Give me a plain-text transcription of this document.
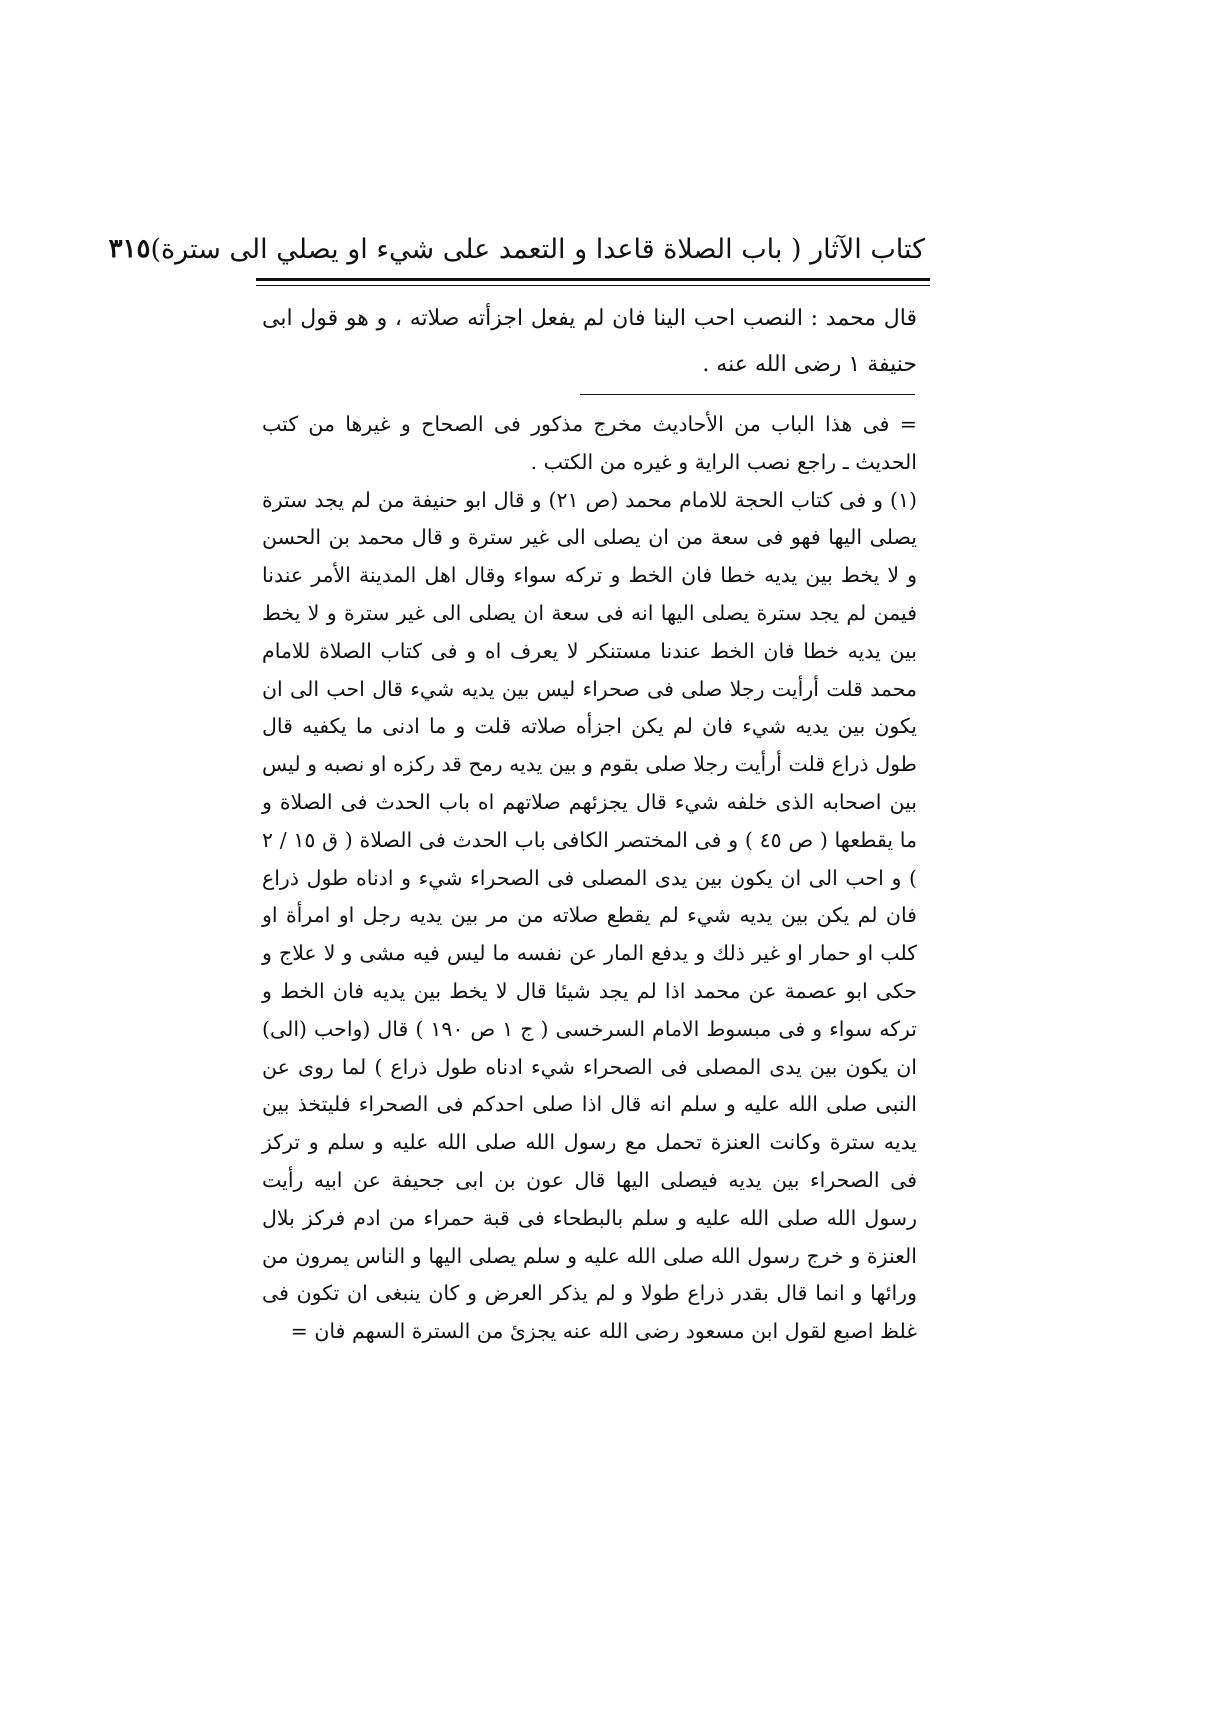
كتاب الآثار ( باب الصلاة قاعدا و التعمد على شيء او يصلي الى سترة)
٣١٥
قال محمد : النصب احب الينا فان لم يفعل اجزأته صلاته ، و هو قول ابى حنيفة ١ رضى الله عنه .

= فى هذا الباب من الأحاديث مخرج مذكور فى الصحاح و غيرها من كتب الحديث ـ راجع نصب الراية و غيره من الكتب .

(١) و فى كتاب الحجة للامام محمد (ص ٢١) و قال ابو حنيفة من لم يجد سترة يصلى اليها فهو فى سعة من ان يصلى الى غير سترة و قال محمد بن الحسن و لا يخط بين يديه خطا فان الخط و تركه سواء وقال اهل المدينة الأمر عندنا فيمن لم يجد سترة يصلى اليها انه فى سعة ان يصلى الى غير سترة و لا يخط بين يديه خطا فان الخط عندنا مستنكر لا يعرف اه و فى كتاب الصلاة للامام محمد قلت أرأيت رجلا صلى فى صحراء ليس بين يديه شيء قال احب الى ان يكون بين يديه شيء فان لم يكن اجزأه صلاته قلت و ما ادنى ما يكفيه قال طول ذراع قلت أرأيت رجلا صلى بقوم و بين يديه رمح قد ركزه او نصبه و ليس بين اصحابه الذى خلفه شيء قال يجزئهم صلاتهم اه باب الحدث فى الصلاة و ما يقطعها ( ص ٤٥ ) و فى المختصر الكافى باب الحدث فى الصلاة ( ق ١٥ / ٢ ) و احب الى ان يكون بين يدى المصلى فى الصحراء شيء و ادناه طول ذراع فان لم يكن بين يديه شيء لم يقطع صلاته من مر بين يديه رجل او امرأة او كلب او حمار او غير ذلك و يدفع المار عن نفسه ما ليس فيه مشى و لا علاج و حكى ابو عصمة عن محمد اذا لم يجد شيئا قال لا يخط بين يديه فان الخط و تركه سواء و فى مبسوط الامام السرخسى ( ج ١ ص ١٩٠ ) قال (واحب (الى) ان يكون بين يدى المصلى فى الصحراء شيء ادناه طول ذراع ) لما روى عن النبى صلى الله عليه و سلم انه قال اذا صلى احدكم فى الصحراء فليتخذ بين يديه سترة وكانت العنزة تحمل مع رسول الله صلى الله عليه و سلم و تركز فى الصحراء بين يديه فيصلى اليها قال عون بن ابى جحيفة عن ابيه رأيت رسول الله صلى الله عليه و سلم بالبطحاء فى قبة حمراء من ادم فركز بلال العنزة و خرج رسول الله صلى الله عليه و سلم يصلى اليها و الناس يمرون من ورائها و انما قال بقدر ذراع طولا و لم يذكر العرض و كان ينبغى ان تكون فى غلظ اصبع لقول ابن مسعود رضى الله عنه يجزئ من السترة السهم فان =
